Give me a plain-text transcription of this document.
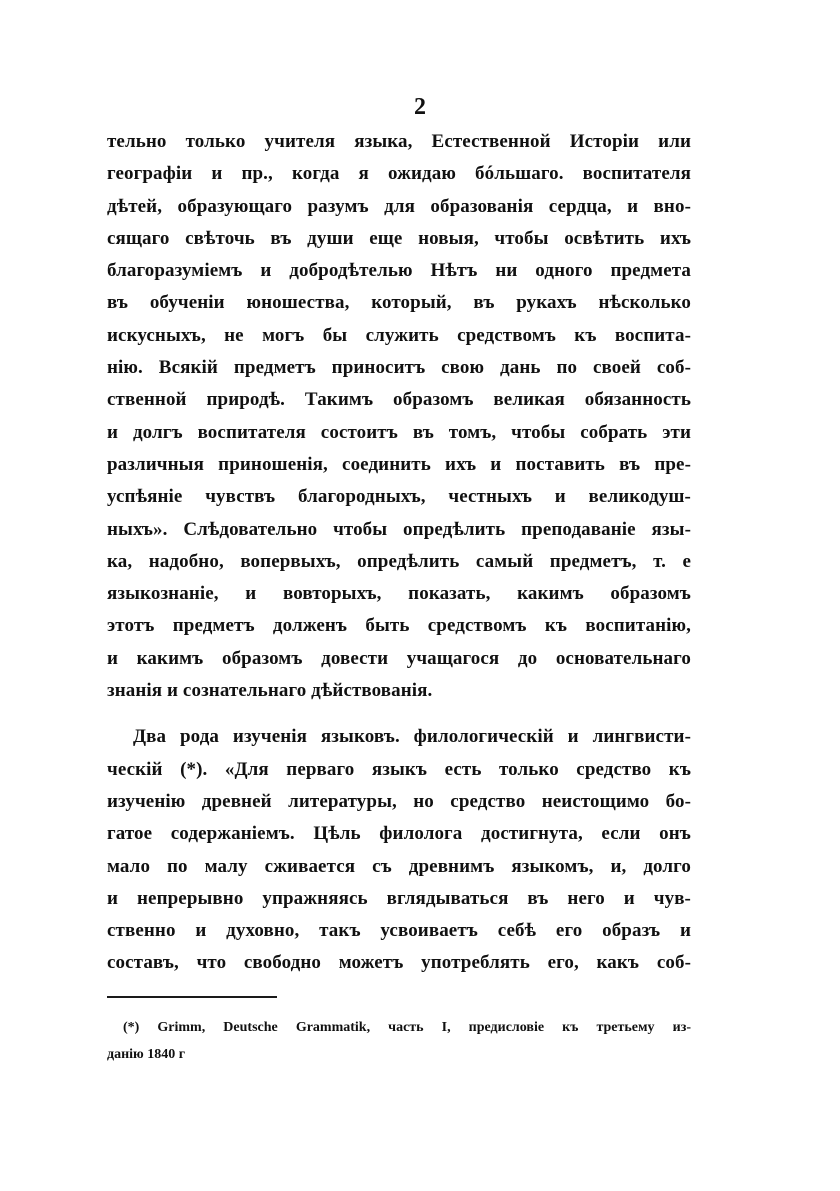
2
тельно только учителя языка, Естественной Исторіи или
географіи и пр., когда я ожидаю бóльшаго. воспитателя
дѣтей, образующаго разумъ для образованія сердца, и вно-
сящаго свѣточь въ души еще новыя, чтобы освѣтить ихъ
благоразуміемъ и добродѣтелью Нѣтъ ни одного предмета
въ обученіи юношества, который, въ рукахъ нѣсколько
искусныхъ, не могъ бы служить средствомъ къ воспита-
нію. Всякій предметъ приноситъ свою дань по своей соб-
ственной природѣ. Такимъ образомъ великая обязанность
и долгъ воспитателя состоитъ въ томъ, чтобы собрать эти
различныя приношенія, соединить ихъ и поставить въ пре-
успѣяніе чувствъ благородныхъ, честныхъ и великодуш-
ныхъ». Слѣдовательно чтобы опредѣлить преподаваніе язы-
ка, надобно, вопервыхъ, опредѣлить самый предметъ, т. е
языкознаніе, и вовторыхъ, показать, какимъ образомъ
этотъ предметъ долженъ быть средствомъ къ воспитанію,
и какимъ образомъ довести учащагося до основательнаго
знанія и сознательнаго дѣйствованія.
Два рода изученія языковъ. филологическій и лингвисти-
ческій (*). «Для перваго языкъ есть только средство къ
изученію древней литературы, но средство неистощимо бо-
гатое содержаніемъ. Цѣль филолога достигнута, если онъ
мало по малу сживается съ древнимъ языкомъ, и, долго
и непрерывно упражняясь вглядываться въ него и чув-
ственно и духовно, такъ усвоиваетъ себѣ его образъ и
составъ, что свободно можетъ употреблять его, какъ соб-
(*) Grimm, Deutsche Grammatik, часть I, предисловіе къ третьему из-
данію 1840 г
